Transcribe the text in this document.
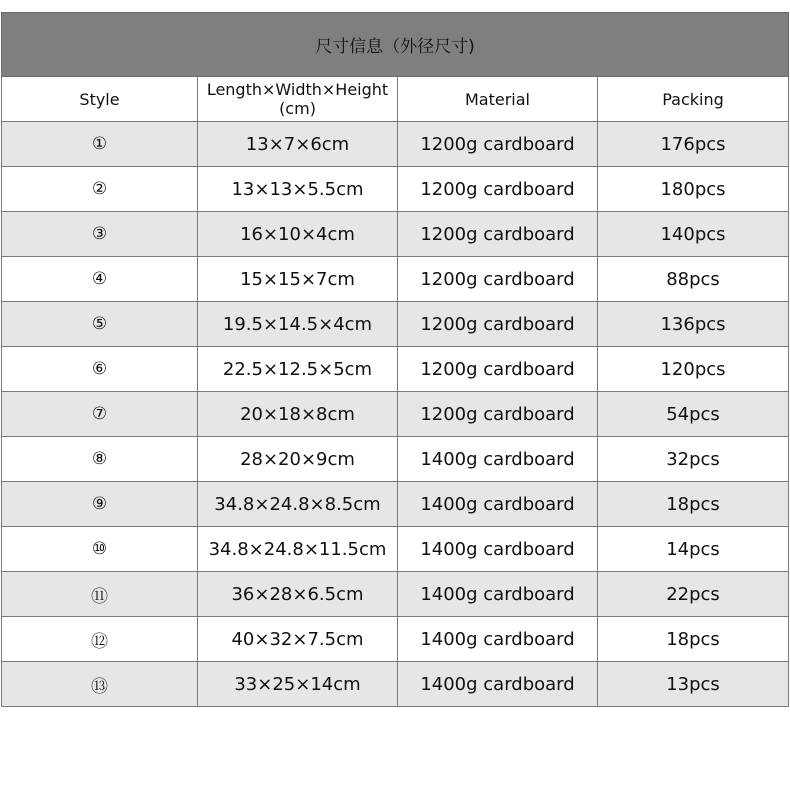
尺寸信息（外径尺寸)			
Style	Length×Width×Height (cm)	Material	Packing
①	13×7×6cm	1200g cardboard	176pcs
②	13×13×5.5cm	1200g cardboard	180pcs
③	16×10×4cm	1200g cardboard	140pcs
④	15×15×7cm	1200g cardboard	88pcs
⑤	19.5×14.5×4cm	1200g cardboard	136pcs
⑥	22.5×12.5×5cm	1200g cardboard	120pcs
⑦	20×18×8cm	1200g cardboard	54pcs
⑧	28×20×9cm	1400g cardboard	32pcs
⑨	34.8×24.8×8.5cm	1400g cardboard	18pcs
⑩	34.8×24.8×11.5cm	1400g cardboard	14pcs
⑪	36×28×6.5cm	1400g cardboard	22pcs
⑫	40×32×7.5cm	1400g cardboard	18pcs
⑬	33×25×14cm	1400g cardboard	13pcs
